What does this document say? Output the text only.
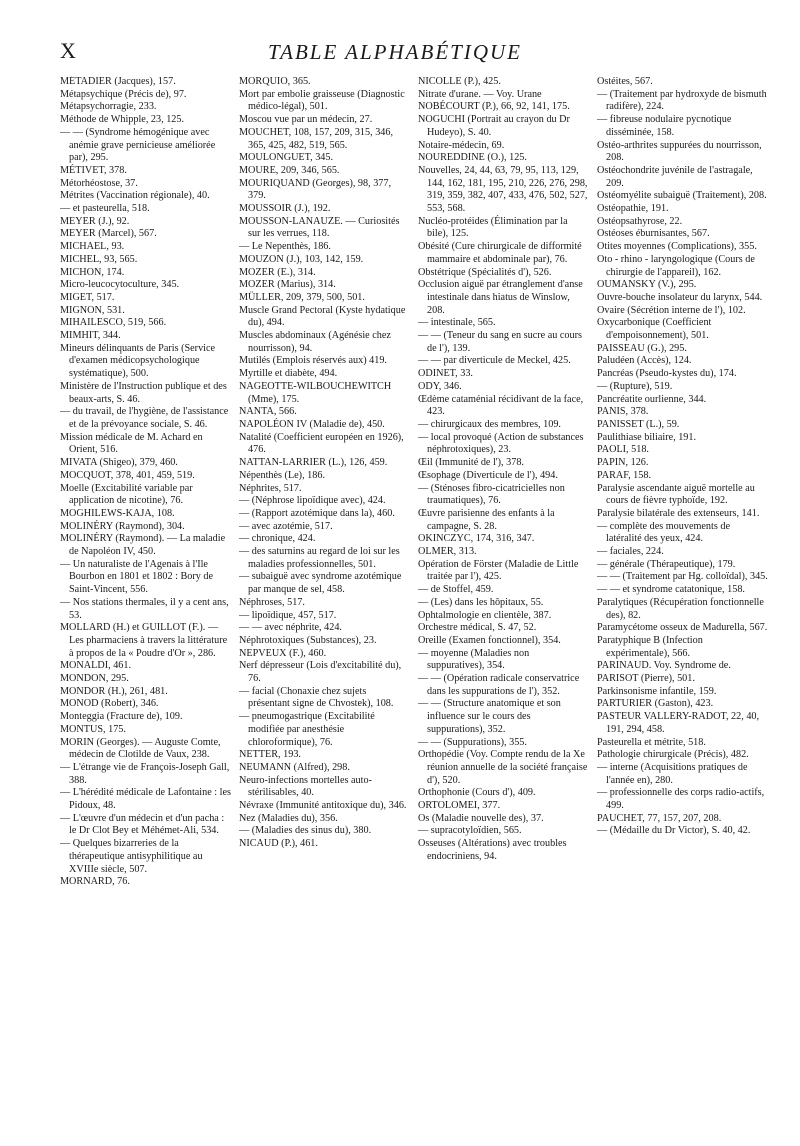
X	TABLE ALPHABÉTIQUE

MÉTADIER (Jacques), 157.

Métapsychique (Précis de), 97.

Métapsychorragie, 233.

Méthode de Whipple, 23, 125.

— — (Syndrome hémogénique avec anémie grave pernicieuse améliorée par), 295.

MÉTIVET, 378.

Métorhéostose, 37.

Métrites (Vaccination régionale), 40.

— et pasteurella, 518.

MEYER (J.), 92.

MEYER (Marcel), 567.

MICHAEL, 93.

MICHEL, 93, 565.

MICHON, 174.

Micro-leucocytoculture, 345.

MIGET, 517.

MIGNON, 531.

MIHAILESCO, 519, 566.

MIMHIT, 344.

Mineurs délinquants de Paris (Service d'examen médicopsychologique systématique), 500.

Ministère de l'Instruction publique et des beaux-arts, S. 46.

— du travail, de l'hygiène, de l'assistance et de la prévoyance sociale, S. 46.

Mission médicale de M. Achard en Orient, 516.

MIVATA (Shigeo), 379, 460.

MOCQUOT, 378, 401, 459, 519.

Moelle (Excitabilité variable par application de nicotine), 76.

MOGHILEWS-KAJA, 108.

MOLINÉRY (Raymond), 304.

MOLINÉRY (Raymond). — La maladie de Napoléon IV, 450.

— Un naturaliste de l'Agenais à l'Ile Bourbon en 1801 et 1802 : Bory de Saint-Vincent, 556.

— Nos stations thermales, il y a cent ans, 53.

MOLLARD (H.) et GUILLOT (F.). — Les pharmaciens à travers la littérature à propos de la « Poudre d'Or », 286.

MONALDI, 461.

MONDON, 295.

MONDOR (H.), 261, 481.

MONOD (Robert), 346.

Monteggia (Fracture de), 109.

MONTUS, 175.

MORIN (Georges). — Auguste Comte, médecin de Clotilde de Vaux, 238.

— L'étrange vie de François-Joseph Gall, 388.

— L'hérédité médicale de Lafontaine : les Pidoux, 48.

— L'œuvre d'un médecin et d'un pacha : le Dr Clot Bey et Méhémet-Ali, 534.

— Quelques bizarreries de la thérapeutique antisyphilitique au XVIIIe siècle, 507.

MORNARD, 76.

MORQUIO, 365.

Mort par embolie graisseuse (Diagnostic médico-légal), 501.

Moscou vue par un médecin, 27.

MOUCHET, 108, 157, 209, 315, 346, 365, 425, 482, 519, 565.

MOULONGUET, 345.

MOURE, 209, 346, 565.

MOURIQUAND (Georges), 98, 377, 379.

MOUSSOIR (J.), 192.

MOUSSON-LANAUZE. — Curiosités sur les verrues, 118.

— Le Nepenthès, 186.

MOUZON (J.), 103, 142, 159.

MOZER (E.), 314.

MOZER (Marius), 314.

MÜLLER, 209, 379, 500, 501.

Muscle Grand Pectoral (Kyste hydatique du), 494.

Muscles abdominaux (Agénésie chez nourrisson), 94.

Mutilés (Emplois réservés aux) 419.

Myrtille et diabète, 494.

NAGEOTTE-WILBOUCHEWITCH (Mme), 175.

NANTA, 566.

NAPOLÉON IV (Maladie de), 450.

Natalité (Coefficient européen en 1926), 476.

NATTAN-LARRIER (L.), 126, 459.

Népenthès (Le), 186.

Néphrites, 517.

— (Néphrose lipoïdique avec), 424.

— (Rapport azotémique dans la), 460.

— avec azotémie, 517.

— chronique, 424.

— des saturnins au regard de loi sur les maladies professionnelles, 501.

— subaiguë avec syndrome azotémique par manque de sel, 458.

Néphroses, 517.

— lipoïdique, 457, 517.

— — avec néphrite, 424.

Néphrotoxiques (Substances), 23.

NEPVEUX (F.), 460.

Nerf dépresseur (Lois d'excitabilité du), 76.

— facial (Chonaxie chez sujets présentant signe de Chvostek), 108.

— pneumogastrique (Excitabilité modifiée par anesthésie chloroformique), 76.

NETTER, 193.

NEUMANN (Alfred), 298.

Neuro-infections mortelles auto-stérilisables, 40.

Névraxe (Immunité antitoxique du), 346.

Nez (Maladies du), 356.

— (Maladies des sinus du), 380.

NICAUD (P.), 461.

NICOLLE (P.), 425.

Nitrate d'urane. — Voy. Urane

NOBÉCOURT (P.), 66, 92, 141, 175.

NOGUCHI (Portrait au crayon du Dr Hudeyo), S. 40.

Notaire-médecin, 69.

NOUREDDINE (O.), 125.

Nouvelles, 24, 44, 63, 79, 95, 113, 129, 144, 162, 181, 195, 210, 226, 276, 298, 319, 359, 382, 407, 433, 476, 502, 527, 553, 568.

Nucléo-protéides (Élimination par la bile), 125.

Obésité (Cure chirurgicale de difformité mammaire et abdominale par), 76.

Obstétrique (Spécialités d'), 526.

Occlusion aiguë par étranglement d'anse intestinale dans hiatus de Winslow, 208.

— intestinale, 565.

— — (Teneur du sang en sucre au cours de l'), 139.

— — par diverticule de Meckel, 425.

ODINET, 33.

ODY, 346.

Œdème cataménial récidivant de la face, 423.

— chirurgicaux des membres, 109.

— local provoqué (Action de substances néphrotoxiques), 23.

Œil (Immunité de l'), 378.

Œsophage (Diverticule de l'), 494.

— (Sténoses fibro-cicatricielles non traumatiques), 76.

Œuvre parisienne des enfants à la campagne, S. 28.

OKINCZYC, 174, 316, 347.

OLMER, 313.

Opération de Förster (Maladie de Little traitée par l'), 425.

— de Stoffel, 459.

— (Les) dans les hôpitaux, 55.

Ophtalmologie en clientèle, 387.

Orchestre médical, S. 47, 52.

Oreille (Examen fonctionnel), 354.

— moyenne (Maladies non suppuratives), 354.

— — (Opération radicale conservatrice dans les suppurations de l'), 352.

— — (Structure anatomique et son influence sur le cours des suppurations), 352.

— — (Suppurations), 355.

Orthopédie (Voy. Compte rendu de la Xe réunion annuelle de la société française d'), 520.

Orthophonie (Cours d'), 409.

ORTOLOMEI, 377.

Os (Maladie nouvelle des), 37.

— supracotyloïdien, 565.

Osseuses (Altérations) avec troubles endocriniens, 94.

Ostéites, 567.

— (Traitement par hydroxyde de bismuth radifère), 224.

— fibreuse nodulaire pycnotique disséminée, 158.

Ostéo-arthrites suppurées du nourrisson, 208.

Ostéochondrite juvénile de l'astragale, 209.

Ostéomyélite subaiguë (Traitement), 208.

Ostéopathie, 191.

Ostéopsathyrose, 22.

Ostéoses éburnisantes, 567.

Otites moyennes (Complications), 355.

Oto - rhino - laryngologique (Cours de chirurgie de l'appareil), 162.

OUMANSKY (V.), 295.

Ouvre-bouche insolateur du larynx, 544.

Ovaire (Sécrétion interne de l'), 102.

Oxycarbonique (Coefficient d'empoisonnement), 501.

PAISSEAU (G.), 295.

Paludéen (Accès), 124.

Pancréas (Pseudo-kystes du), 174.

— (Rupture), 519.

Pancréatite ourlienne, 344.

PANIS, 378.

PANISSET (L.), 59.

Paulithiase biliaire, 191.

PAOLI, 518.

PAPIN, 126.

PARAF, 158.

Paralysie ascendante aiguë mortelle au cours de fièvre typhoïde, 192.

Paralysie bilatérale des extenseurs, 141.

— complète des mouvements de latéralité des yeux, 424.

— faciales, 224.

— générale (Thérapeutique), 179.

— — (Traitement par Hg. colloïdal), 345.

— — et syndrome catatonique, 158.

Paralytiques (Récupération fonctionnelle des), 82.

Paramycétome osseux de Madurella, 567.

Paratyphique B (Infection expérimentale), 566.

PARINAUD. Voy. Syndrome de.

PARISOT (Pierre), 501.

Parkinsonisme infantile, 159.

PARTURIER (Gaston), 423.

PASTEUR VALLERY-RADOT, 22, 40, 191, 294, 458.

Pasteurella et métrite, 518.

Pathologie chirurgicale (Précis), 482.

— interne (Acquisitions pratiques de l'année en), 280.

— professionnelle des corps radio-actifs, 499.

PAUCHET, 77, 157, 207, 208.

— (Médaille du Dr Victor), S. 40, 42.
